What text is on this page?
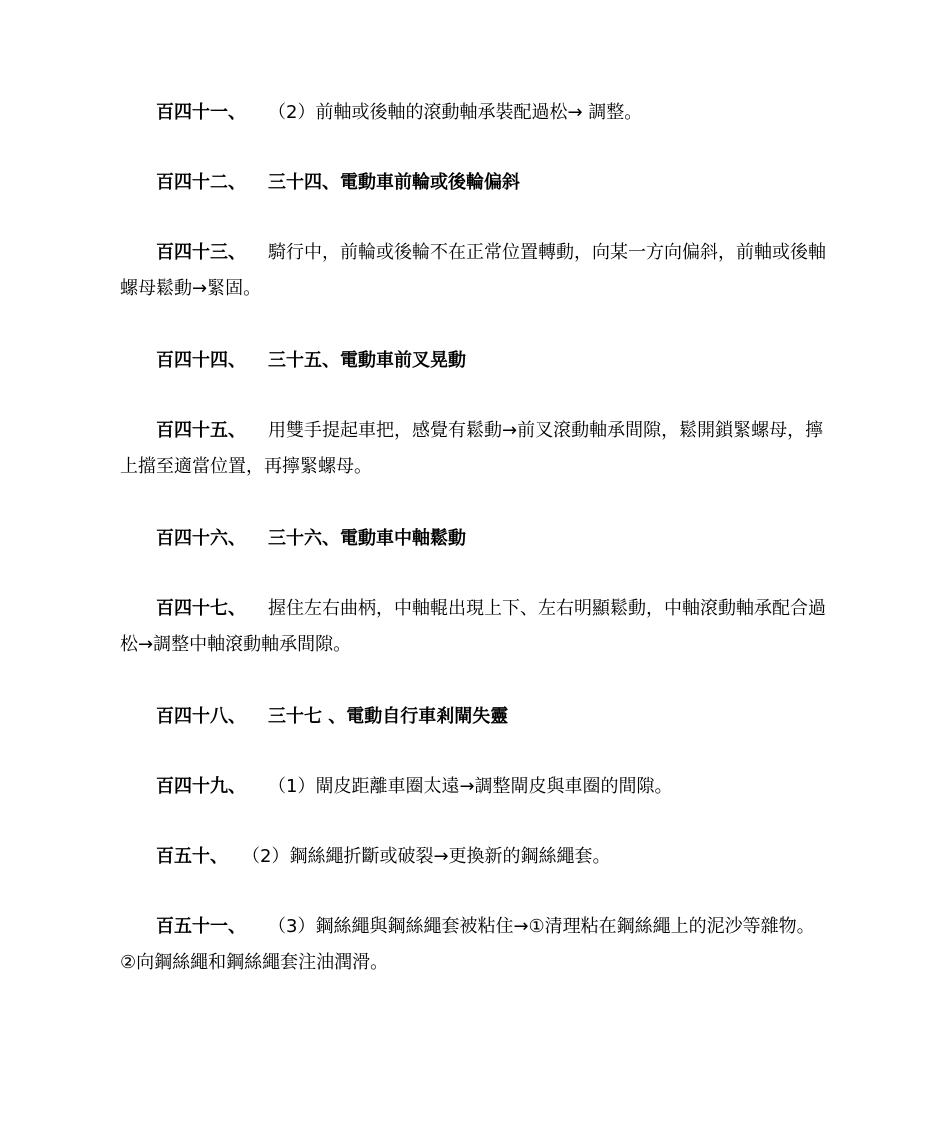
百四十一、 （2）前軸或後軸的滾動軸承裝配過松→ 調整。

百四十二、 三十四、電動車前輪或後輪偏斜

百四十三、 騎行中，前輪或後輪不在正常位置轉動，向某一方向偏斜，前軸或後軸螺母鬆動→緊固。

百四十四、 三十五、電動車前叉晃動

百四十五、 用雙手提起車把，感覺有鬆動→前叉滾動軸承間隙，鬆開鎖緊螺母，擰上擋至適當位置，再擰緊螺母。

百四十六、 三十六、電動車中軸鬆動

百四十七、 握住左右曲柄，中軸輥出現上下、左右明顯鬆動，中軸滾動軸承配合過松→調整中軸滾動軸承間隙。

百四十八、 三十七 、電動自行車剎閘失靈

百四十九、 （1）閘皮距離車圈太遠→調整閘皮與車圈的間隙。

百五十、 （2）鋼絲繩折斷或破裂→更換新的鋼絲繩套。

百五十一、 （3）鋼絲繩與鋼絲繩套被粘住→①清理粘在鋼絲繩上的泥沙等雜物。 ②向鋼絲繩和鋼絲繩套注油潤滑。
